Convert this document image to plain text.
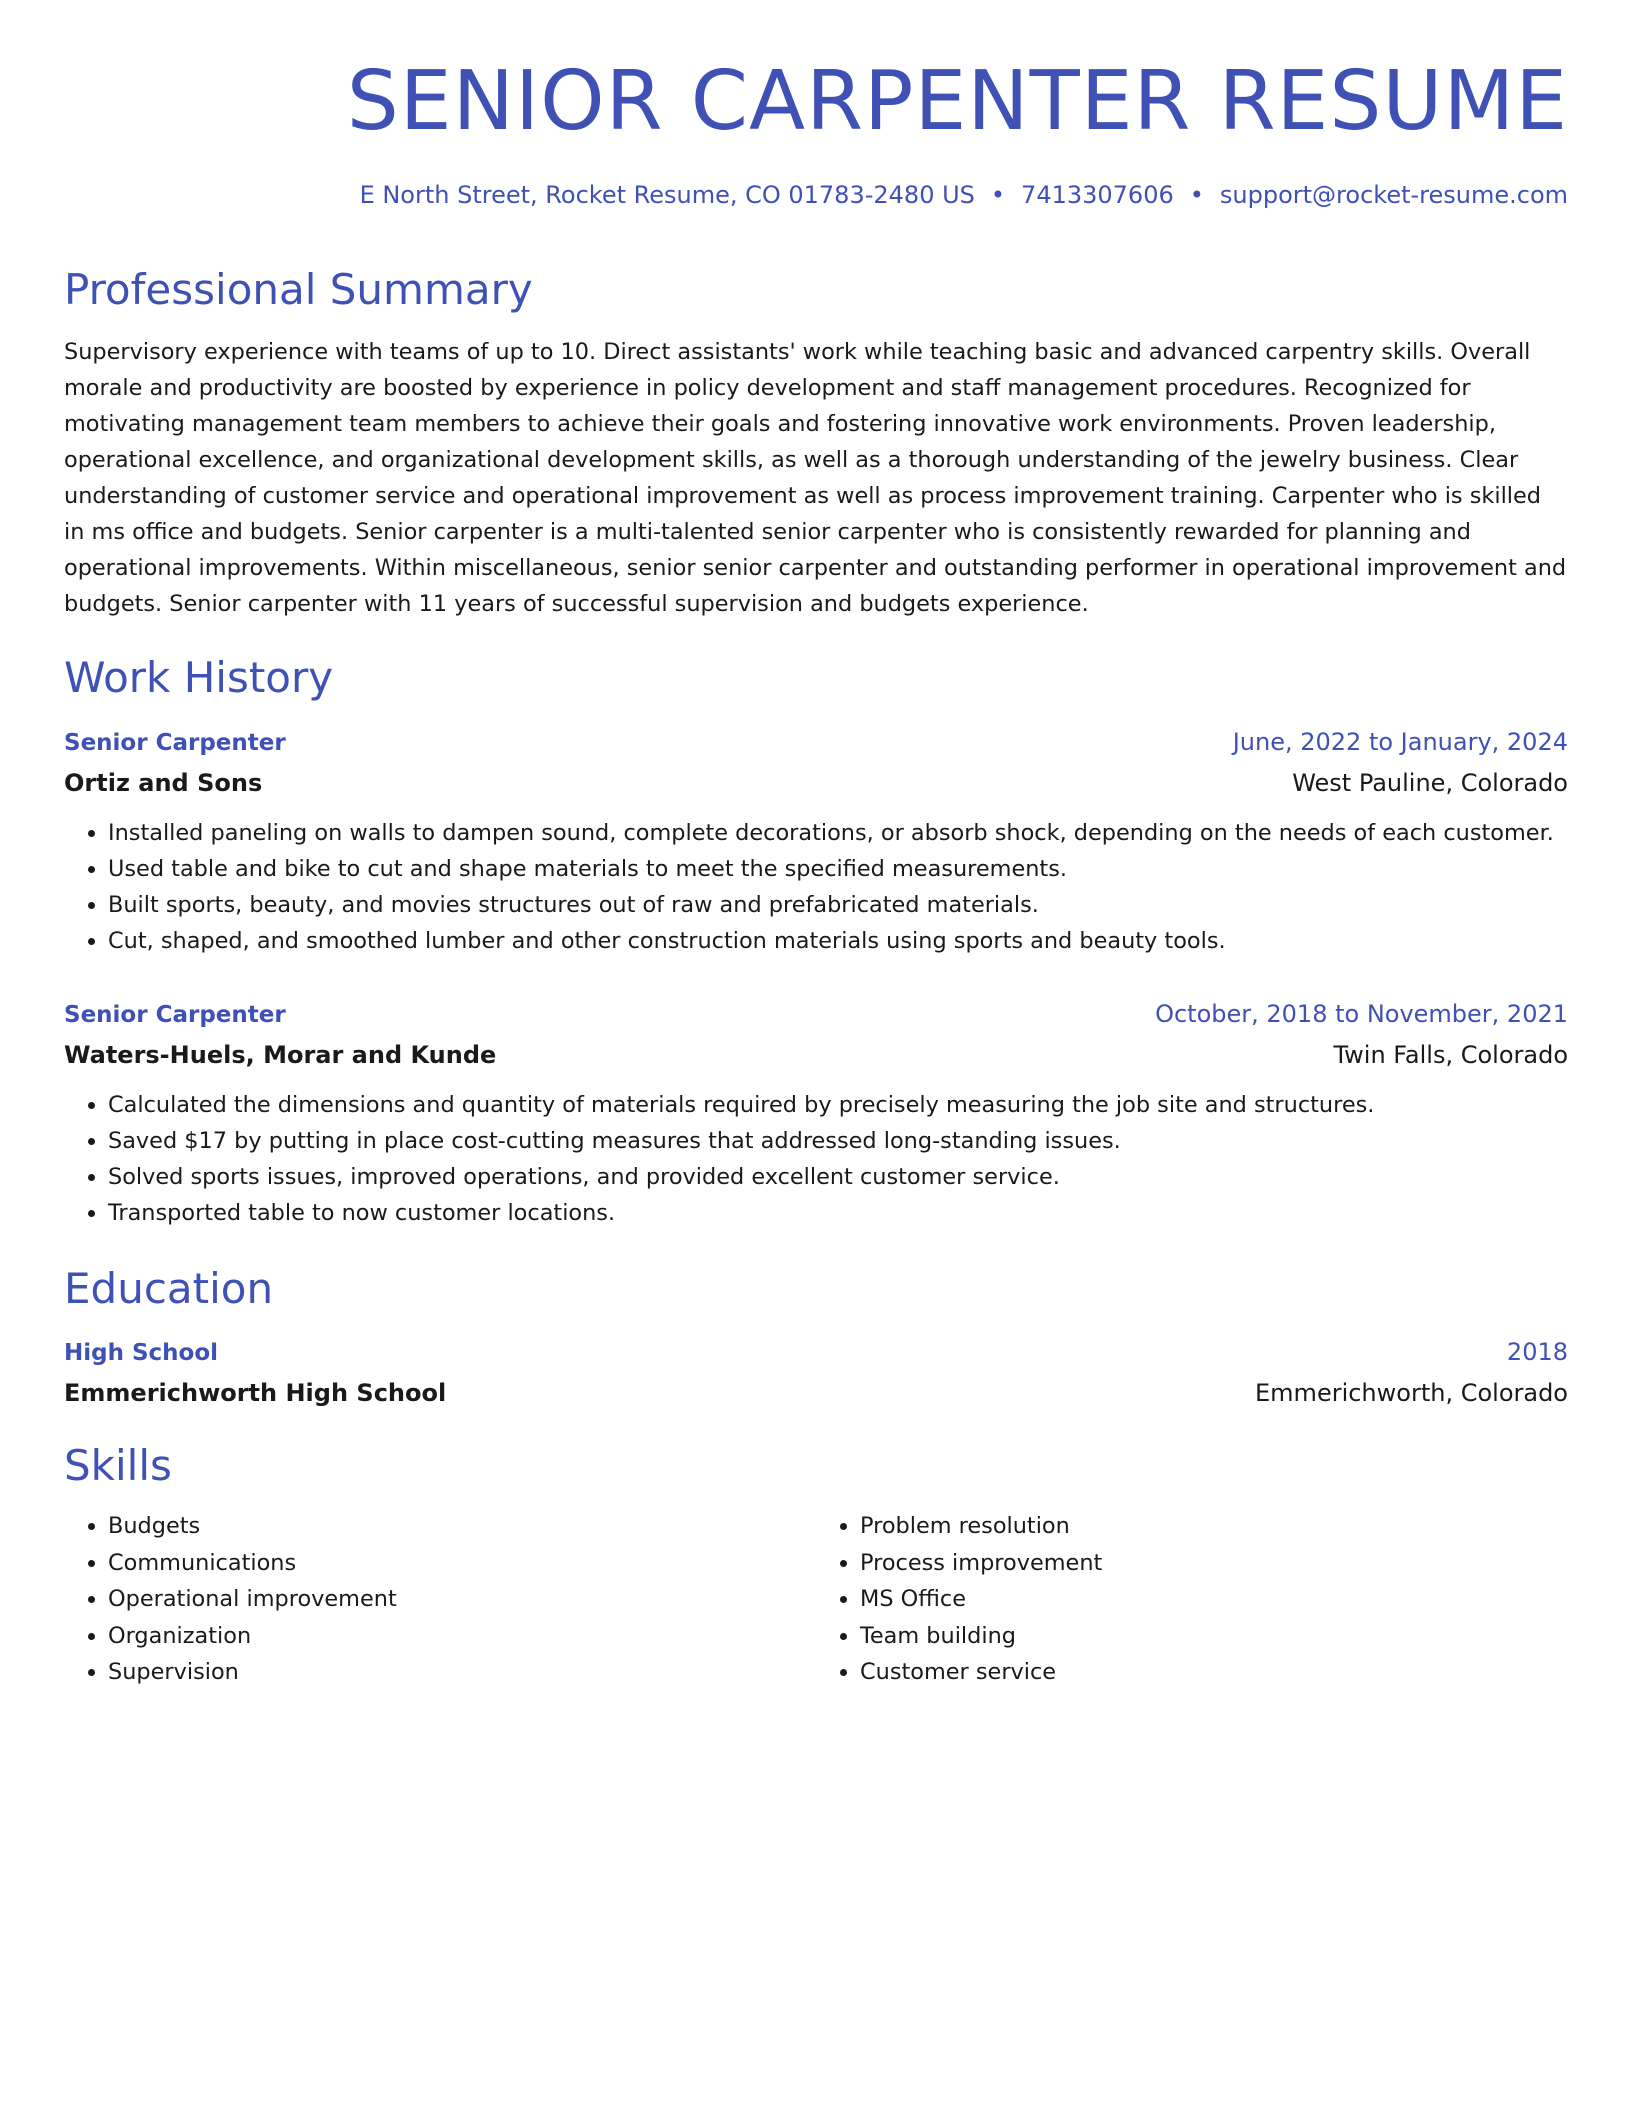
SENIOR CARPENTER RESUME
E North Street, Rocket Resume, CO 01783-2480 US • 7413307606 • support@rocket-resume.com
Professional Summary

Supervisory experience with teams of up to 10. Direct assistants' work while teaching basic and advanced carpentry skills. Overall morale and productivity are boosted by experience in policy development and staff management procedures. Recognized for motivating management team members to achieve their goals and fostering innovative work environments. Proven leadership, operational excellence, and organizational development skills, as well as a thorough understanding of the jewelry business. Clear understanding of customer service and operational improvement as well as process improvement training. Carpenter who is skilled in ms office and budgets. Senior carpenter is a multi-talented senior carpenter who is consistently rewarded for planning and operational improvements. Within miscellaneous, senior senior carpenter and outstanding performer in operational improvement and budgets. Senior carpenter with 11 years of successful supervision and budgets experience.

Work History
Senior Carpenter	June, 2022 to January, 2024
Ortiz and Sons	West Pauline, Colorado
• Installed paneling on walls to dampen sound, complete decorations, or absorb shock, depending on the needs of each customer.
• Used table and bike to cut and shape materials to meet the specified measurements.
• Built sports, beauty, and movies structures out of raw and prefabricated materials.
• Cut, shaped, and smoothed lumber and other construction materials using sports and beauty tools.
Senior Carpenter	October, 2018 to November, 2021
Waters-Huels, Morar and Kunde	Twin Falls, Colorado
• Calculated the dimensions and quantity of materials required by precisely measuring the job site and structures.
• Saved $17 by putting in place cost-cutting measures that addressed long-standing issues.
• Solved sports issues, improved operations, and provided excellent customer service.
• Transported table to now customer locations.
Education
High School	2018
Emmerichworth High School	Emmerichworth, Colorado
Skills
• Budgets
• Communications
• Operational improvement
• Organization
• Supervision
• Problem resolution
• Process improvement
• MS Office
• Team building
• Customer service
